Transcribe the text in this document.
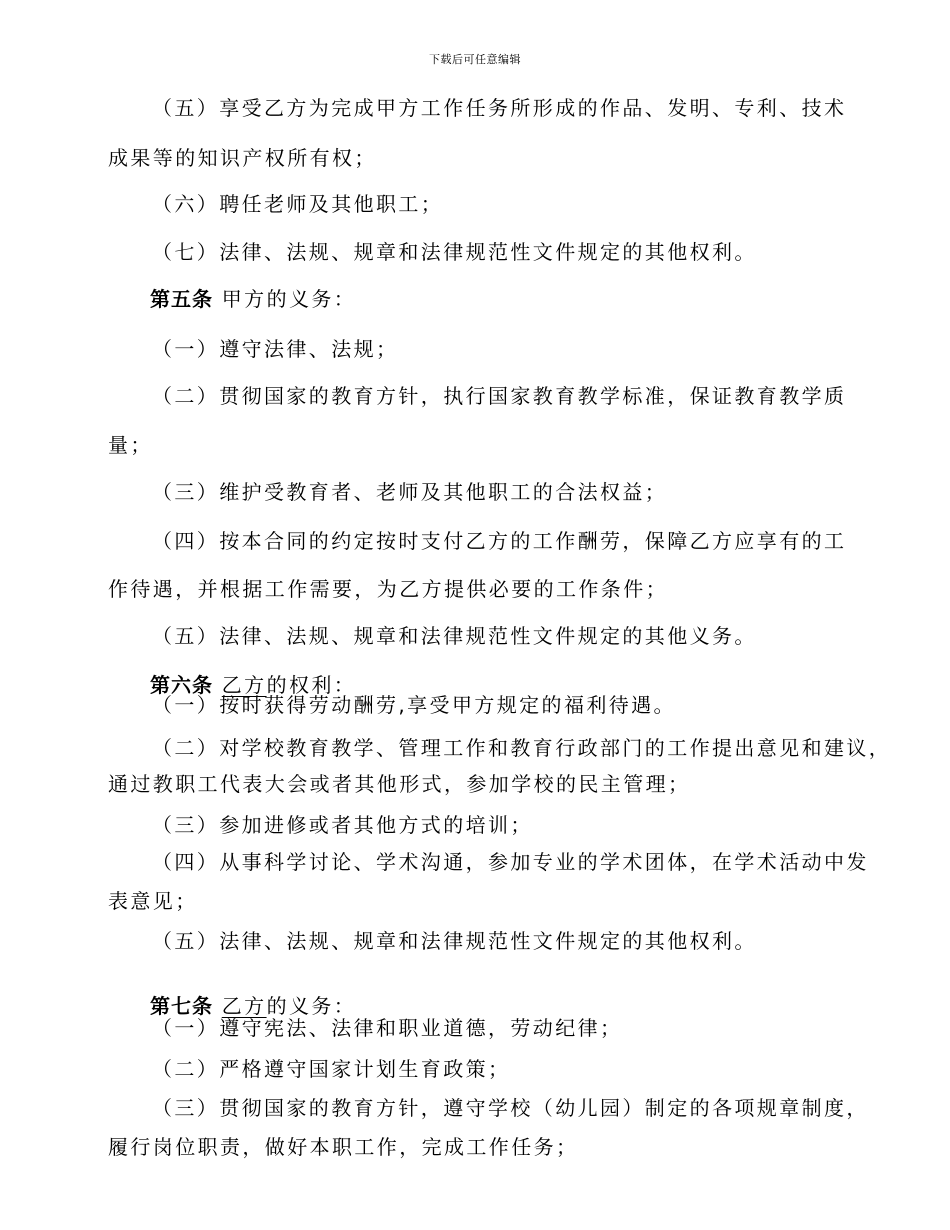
下载后可任意编辑
（五）享受乙方为完成甲方工作任务所形成的作品、发明、专利、技术
成果等的知识产权所有权；
（六）聘任老师及其他职工；
（七）法律、法规、规章和法律规范性文件规定的其他权利。
第五条 甲方的义务：
（一）遵守法律、法规；
（二）贯彻国家的教育方针，执行国家教育教学标准，保证教育教学质
量；
（三）维护受教育者、老师及其他职工的合法权益；
（四）按本合同的约定按时支付乙方的工作酬劳，保障乙方应享有的工
作待遇，并根据工作需要，为乙方提供必要的工作条件；
（五）法律、法规、规章和法律规范性文件规定的其他义务。
第六条 乙方的权利：
（一）按时获得劳动酬劳,享受甲方规定的福利待遇。
（二）对学校教育教学、管理工作和教育行政部门的工作提出意见和建议，
通过教职工代表大会或者其他形式，参加学校的民主管理；
（三）参加进修或者其他方式的培训；
（四）从事科学讨论、学术沟通，参加专业的学术团体，在学术活动中发
表意见；
（五）法律、法规、规章和法律规范性文件规定的其他权利。
第七条 乙方的义务：
（一）遵守宪法、法律和职业道德，劳动纪律；
（二）严格遵守国家计划生育政策；
（三）贯彻国家的教育方针，遵守学校（幼儿园）制定的各项规章制度，
履行岗位职责，做好本职工作，完成工作任务；
